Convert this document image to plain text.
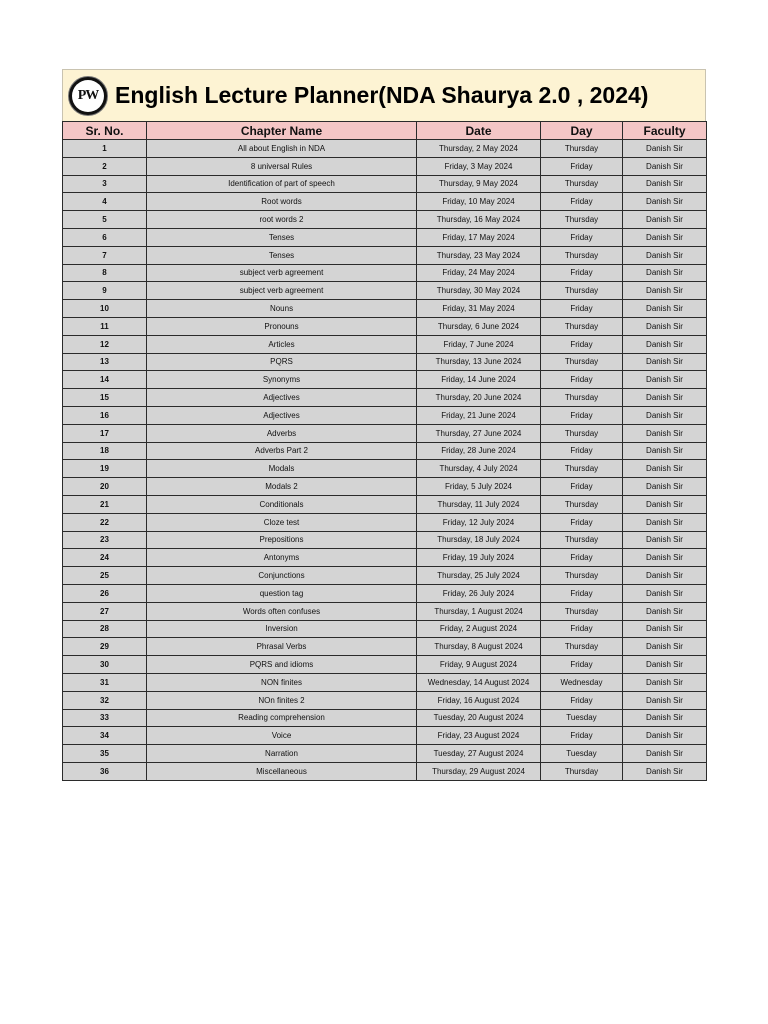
PW English Lecture Planner(NDA Shaurya 2.0 , 2024)
Sr. No.	Chapter Name	Date	Day	Faculty
1	All about English in NDA	Thursday, 2 May 2024	Thursday	Danish Sir
2	8 universal Rules	Friday, 3 May 2024	Friday	Danish Sir
3	Identification of part of speech	Thursday, 9 May 2024	Thursday	Danish Sir
4	Root words	Friday, 10 May 2024	Friday	Danish Sir
5	root words 2	Thursday, 16 May 2024	Thursday	Danish Sir
6	Tenses	Friday, 17 May 2024	Friday	Danish Sir
7	Tenses	Thursday, 23 May 2024	Thursday	Danish Sir
8	subject verb agreement	Friday, 24 May 2024	Friday	Danish Sir
9	subject verb agreement	Thursday, 30 May 2024	Thursday	Danish Sir
10	Nouns	Friday, 31 May 2024	Friday	Danish Sir
11	Pronouns	Thursday, 6 June 2024	Thursday	Danish Sir
12	Articles	Friday, 7 June 2024	Friday	Danish Sir
13	PQRS	Thursday, 13 June 2024	Thursday	Danish Sir
14	Synonyms	Friday, 14 June 2024	Friday	Danish Sir
15	Adjectives	Thursday, 20 June 2024	Thursday	Danish Sir
16	Adjectives	Friday, 21 June 2024	Friday	Danish Sir
17	Adverbs	Thursday, 27 June 2024	Thursday	Danish Sir
18	Adverbs Part 2	Friday, 28 June 2024	Friday	Danish Sir
19	Modals	Thursday, 4 July 2024	Thursday	Danish Sir
20	Modals 2	Friday, 5 July 2024	Friday	Danish Sir
21	Conditionals	Thursday, 11 July 2024	Thursday	Danish Sir
22	Cloze test	Friday, 12 July 2024	Friday	Danish Sir
23	Prepositions	Thursday, 18 July 2024	Thursday	Danish Sir
24	Antonyms	Friday, 19 July 2024	Friday	Danish Sir
25	Conjunctions	Thursday, 25 July 2024	Thursday	Danish Sir
26	question tag	Friday, 26 July 2024	Friday	Danish Sir
27	Words often confuses	Thursday, 1 August 2024	Thursday	Danish Sir
28	Inversion	Friday, 2 August 2024	Friday	Danish Sir
29	Phrasal Verbs	Thursday, 8 August 2024	Thursday	Danish Sir
30	PQRS and idioms	Friday, 9 August 2024	Friday	Danish Sir
31	NON finites	Wednesday, 14 August 2024	Wednesday	Danish Sir
32	NOn finites 2	Friday, 16 August 2024	Friday	Danish Sir
33	Reading comprehension	Tuesday, 20 August 2024	Tuesday	Danish Sir
34	Voice	Friday, 23 August 2024	Friday	Danish Sir
35	Narration	Tuesday, 27 August 2024	Tuesday	Danish Sir
36	Miscellaneous	Thursday, 29 August 2024	Thursday	Danish Sir
